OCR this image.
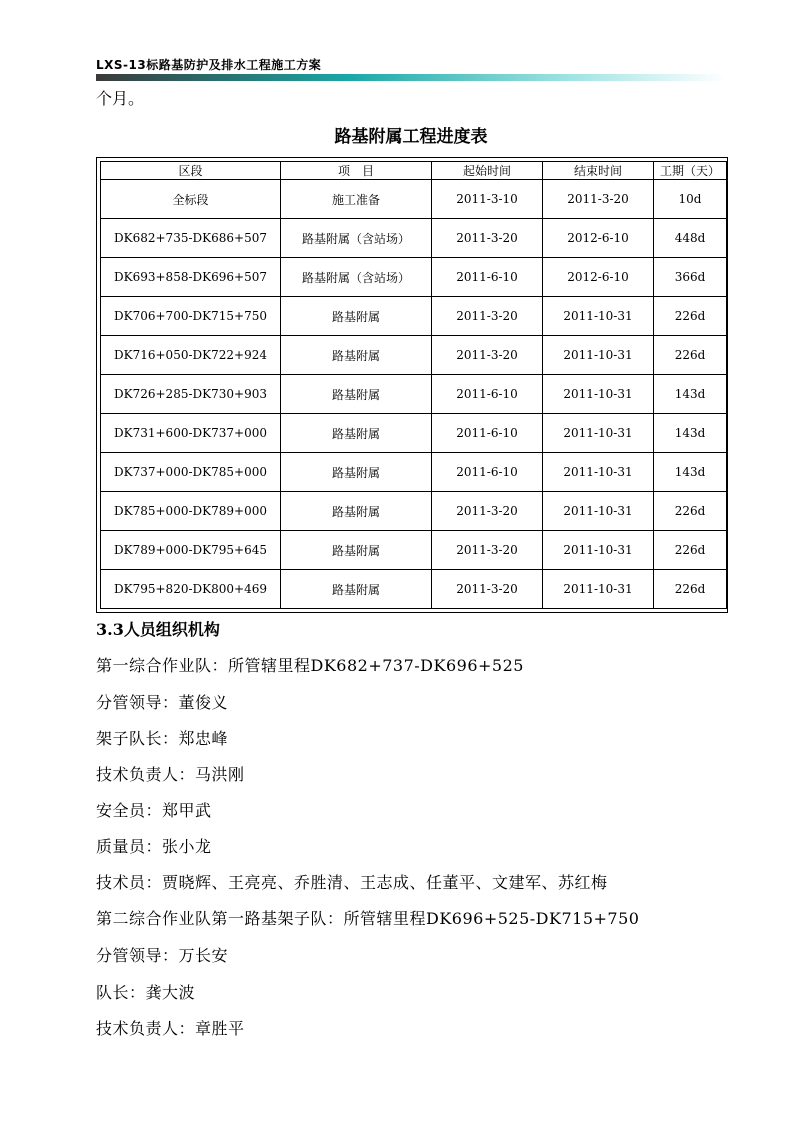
LXS-13标路基防护及排水工程施工方案
个月。
路基附属工程进度表
区段	项　目	起始时间	结束时间	工期（天）
全标段	施工准备	2011-3-10	2011-3-20	10d
DK682+735-DK686+507	路基附属（含站场）	2011-3-20	2012-6-10	448d
DK693+858-DK696+507	路基附属（含站场）	2011-6-10	2012-6-10	366d
DK706+700-DK715+750	路基附属	2011-3-20	2011-10-31	226d
DK716+050-DK722+924	路基附属	2011-3-20	2011-10-31	226d
DK726+285-DK730+903	路基附属	2011-6-10	2011-10-31	143d
DK731+600-DK737+000	路基附属	2011-6-10	2011-10-31	143d
DK737+000-DK785+000	路基附属	2011-6-10	2011-10-31	143d
DK785+000-DK789+000	路基附属	2011-3-20	2011-10-31	226d
DK789+000-DK795+645	路基附属	2011-3-20	2011-10-31	226d
DK795+820-DK800+469	路基附属	2011-3-20	2011-10-31	226d
3.3人员组织机构
第一综合作业队：所管辖里程DK682+737-DK696+525
分管领导：董俊义
架子队长：郑忠峰
技术负责人：马洪刚
安全员：郑甲武
质量员：张小龙
技术员：贾晓辉、王亮亮、乔胜清、王志成、任董平、文建军、苏红梅
第二综合作业队第一路基架子队：所管辖里程DK696+525-DK715+750
分管领导：万长安
队长：龚大波
技术负责人：章胜平
